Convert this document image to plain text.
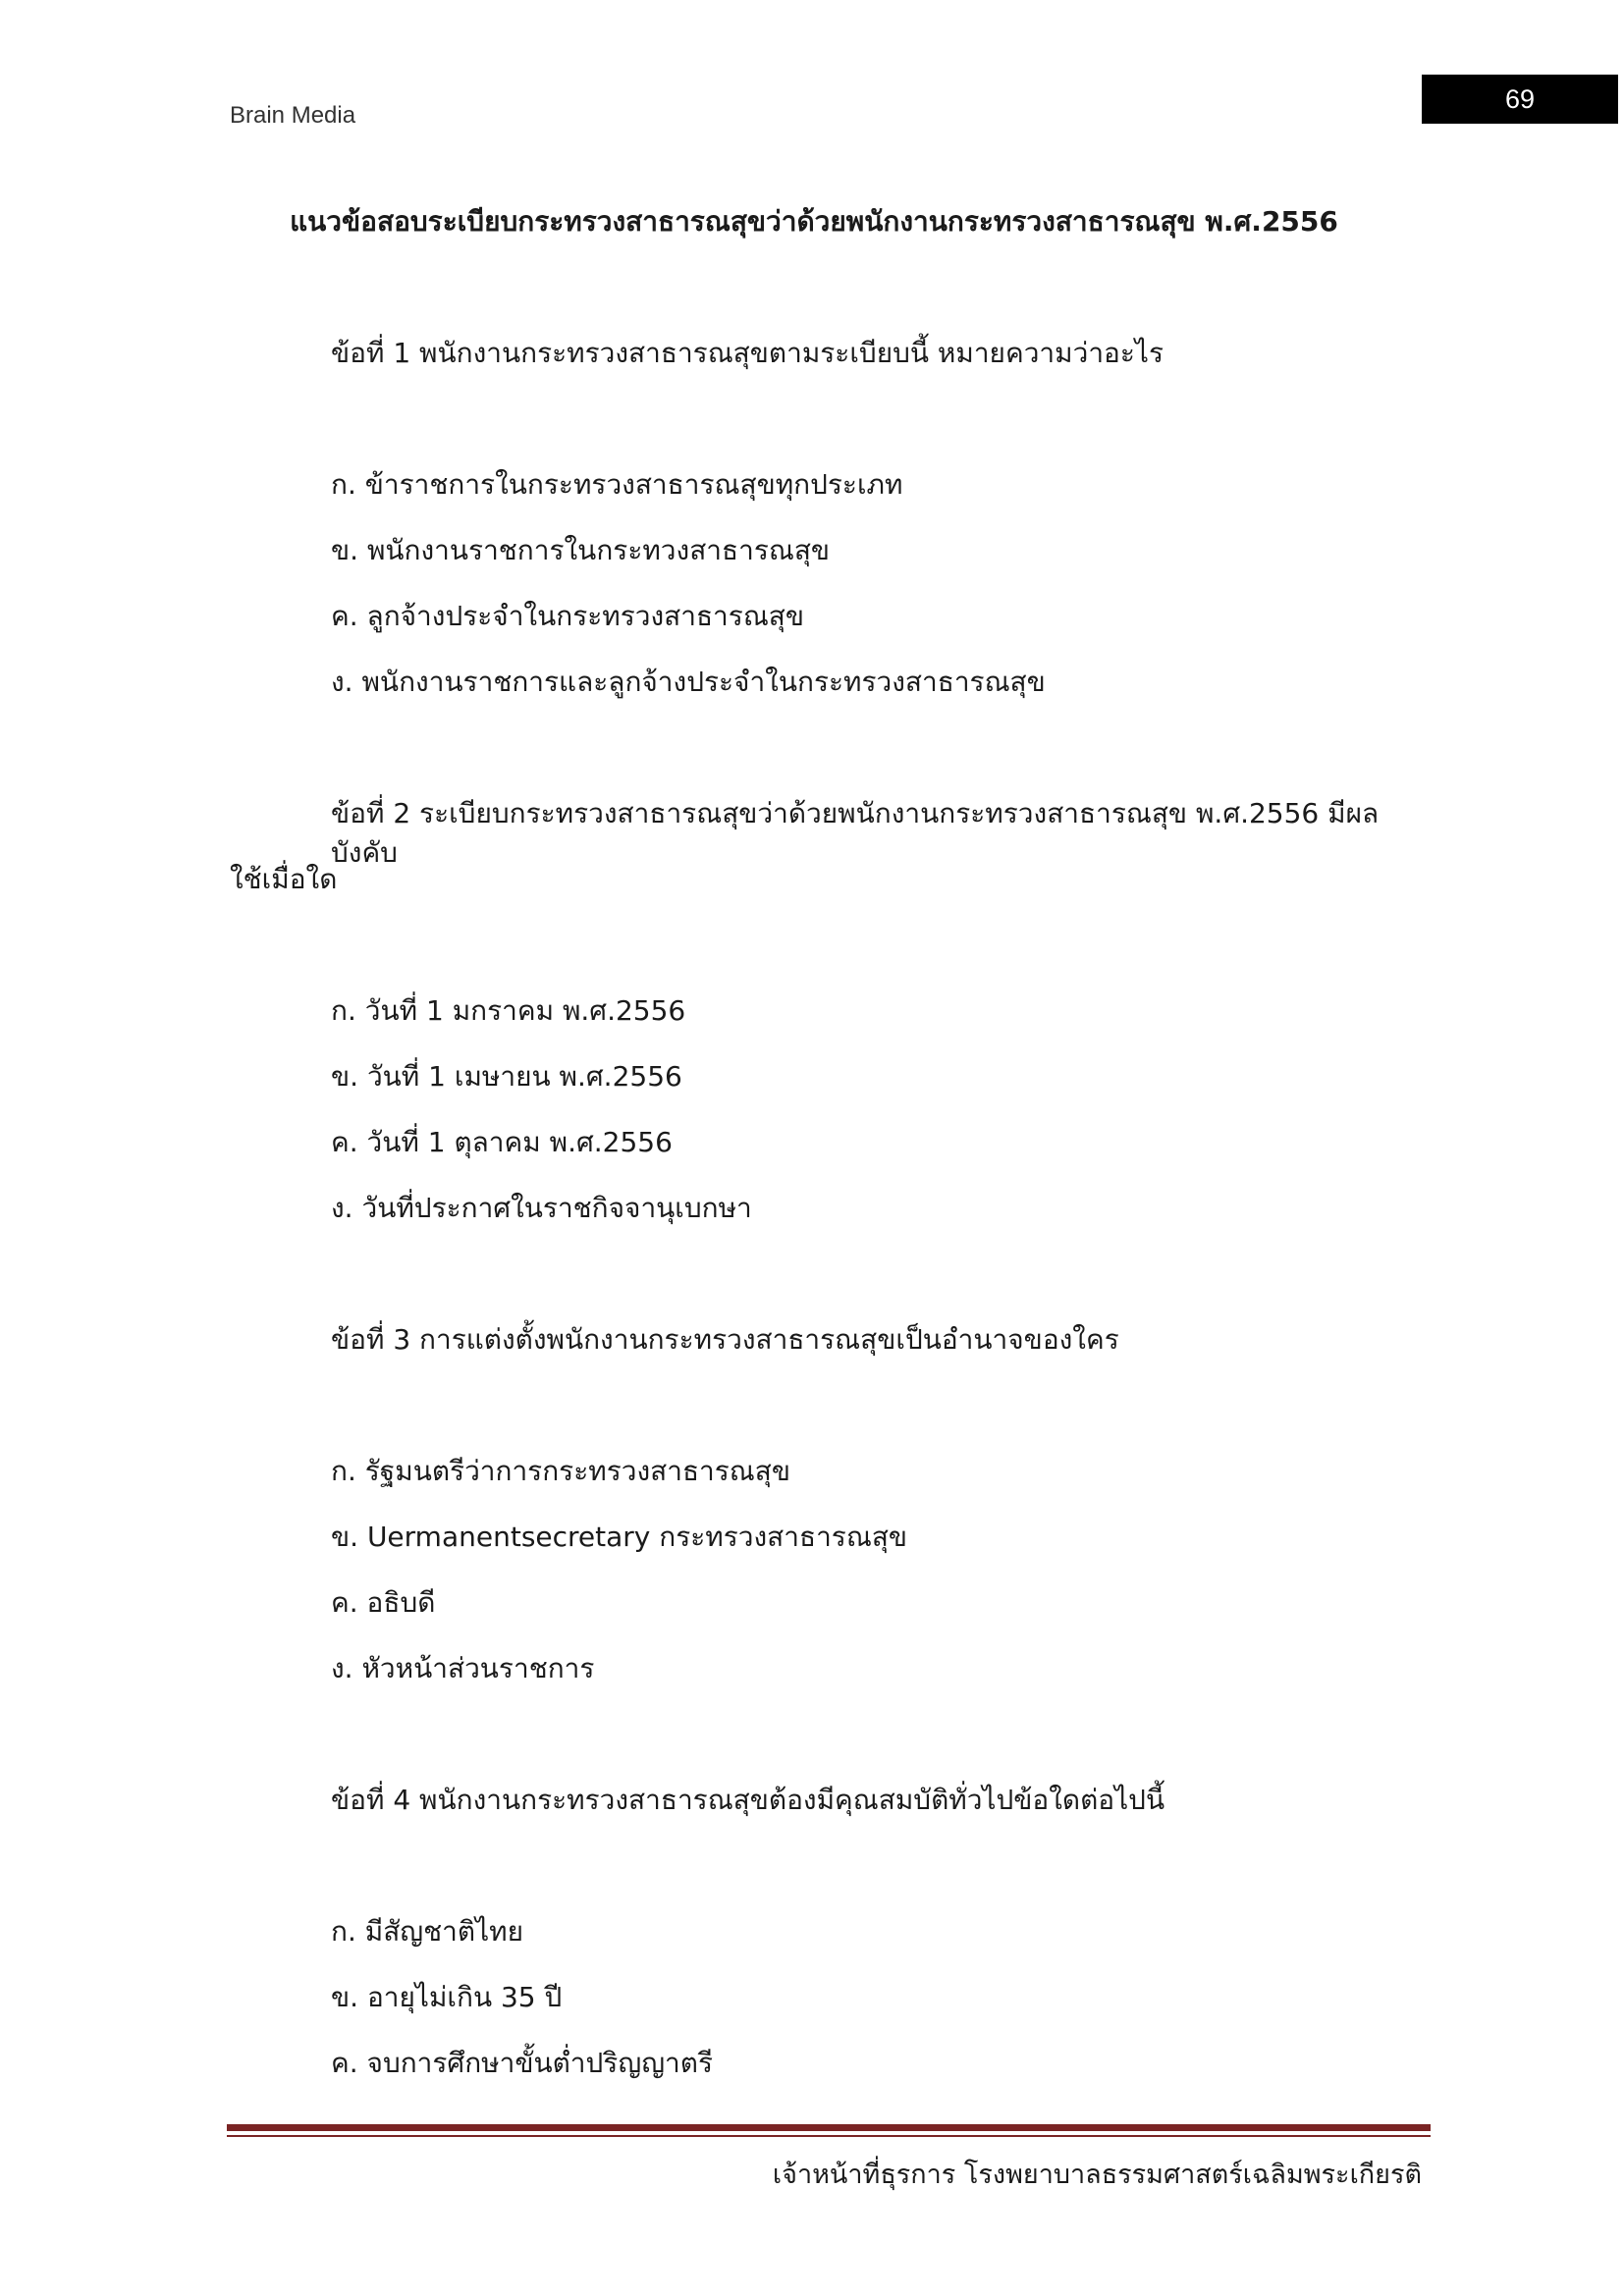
Brain Media
69
แนวข้อสอบระเบียบกระทรวงสาธารณสุขว่าด้วยพนักงานกระทรวงสาธารณสุข พ.ศ.2556
ข้อที่ 1 พนักงานกระทรวงสาธารณสุขตามระเบียบนี้ หมายความว่าอะไร
ก. ข้าราชการในกระทรวงสาธารณสุขทุกประเภท
ข. พนักงานราชการในกระทวงสาธารณสุข
ค. ลูกจ้างประจำในกระทรวงสาธารณสุข
ง. พนักงานราชการและลูกจ้างประจำในกระทรวงสาธารณสุข
ข้อที่ 2 ระเบียบกระทรวงสาธารณสุขว่าด้วยพนักงานกระทรวงสาธารณสุข พ.ศ.2556 มีผลบังคับ
ใช้เมื่อใด
ก. วันที่ 1 มกราคม พ.ศ.2556
ข. วันที่ 1 เมษายน พ.ศ.2556
ค. วันที่ 1 ตุลาคม พ.ศ.2556
ง. วันที่ประกาศในราชกิจจานุเบกษา
ข้อที่ 3 การแต่งตั้งพนักงานกระทรวงสาธารณสุขเป็นอำนาจของใคร
ก. รัฐมนตรีว่าการกระทรวงสาธารณสุข
ข. Uermanentsecretary กระทรวงสาธารณสุข
ค. อธิบดี
ง. หัวหน้าส่วนราชการ
ข้อที่ 4 พนักงานกระทรวงสาธารณสุขต้องมีคุณสมบัติทั่วไปข้อใดต่อไปนี้
ก. มีสัญชาติไทย
ข. อายุไม่เกิน 35 ปี
ค. จบการศึกษาขั้นต่ำปริญญาตรี
เจ้าหน้าที่ธุรการ โรงพยาบาลธรรมศาสตร์เฉลิมพระเกียรติ
